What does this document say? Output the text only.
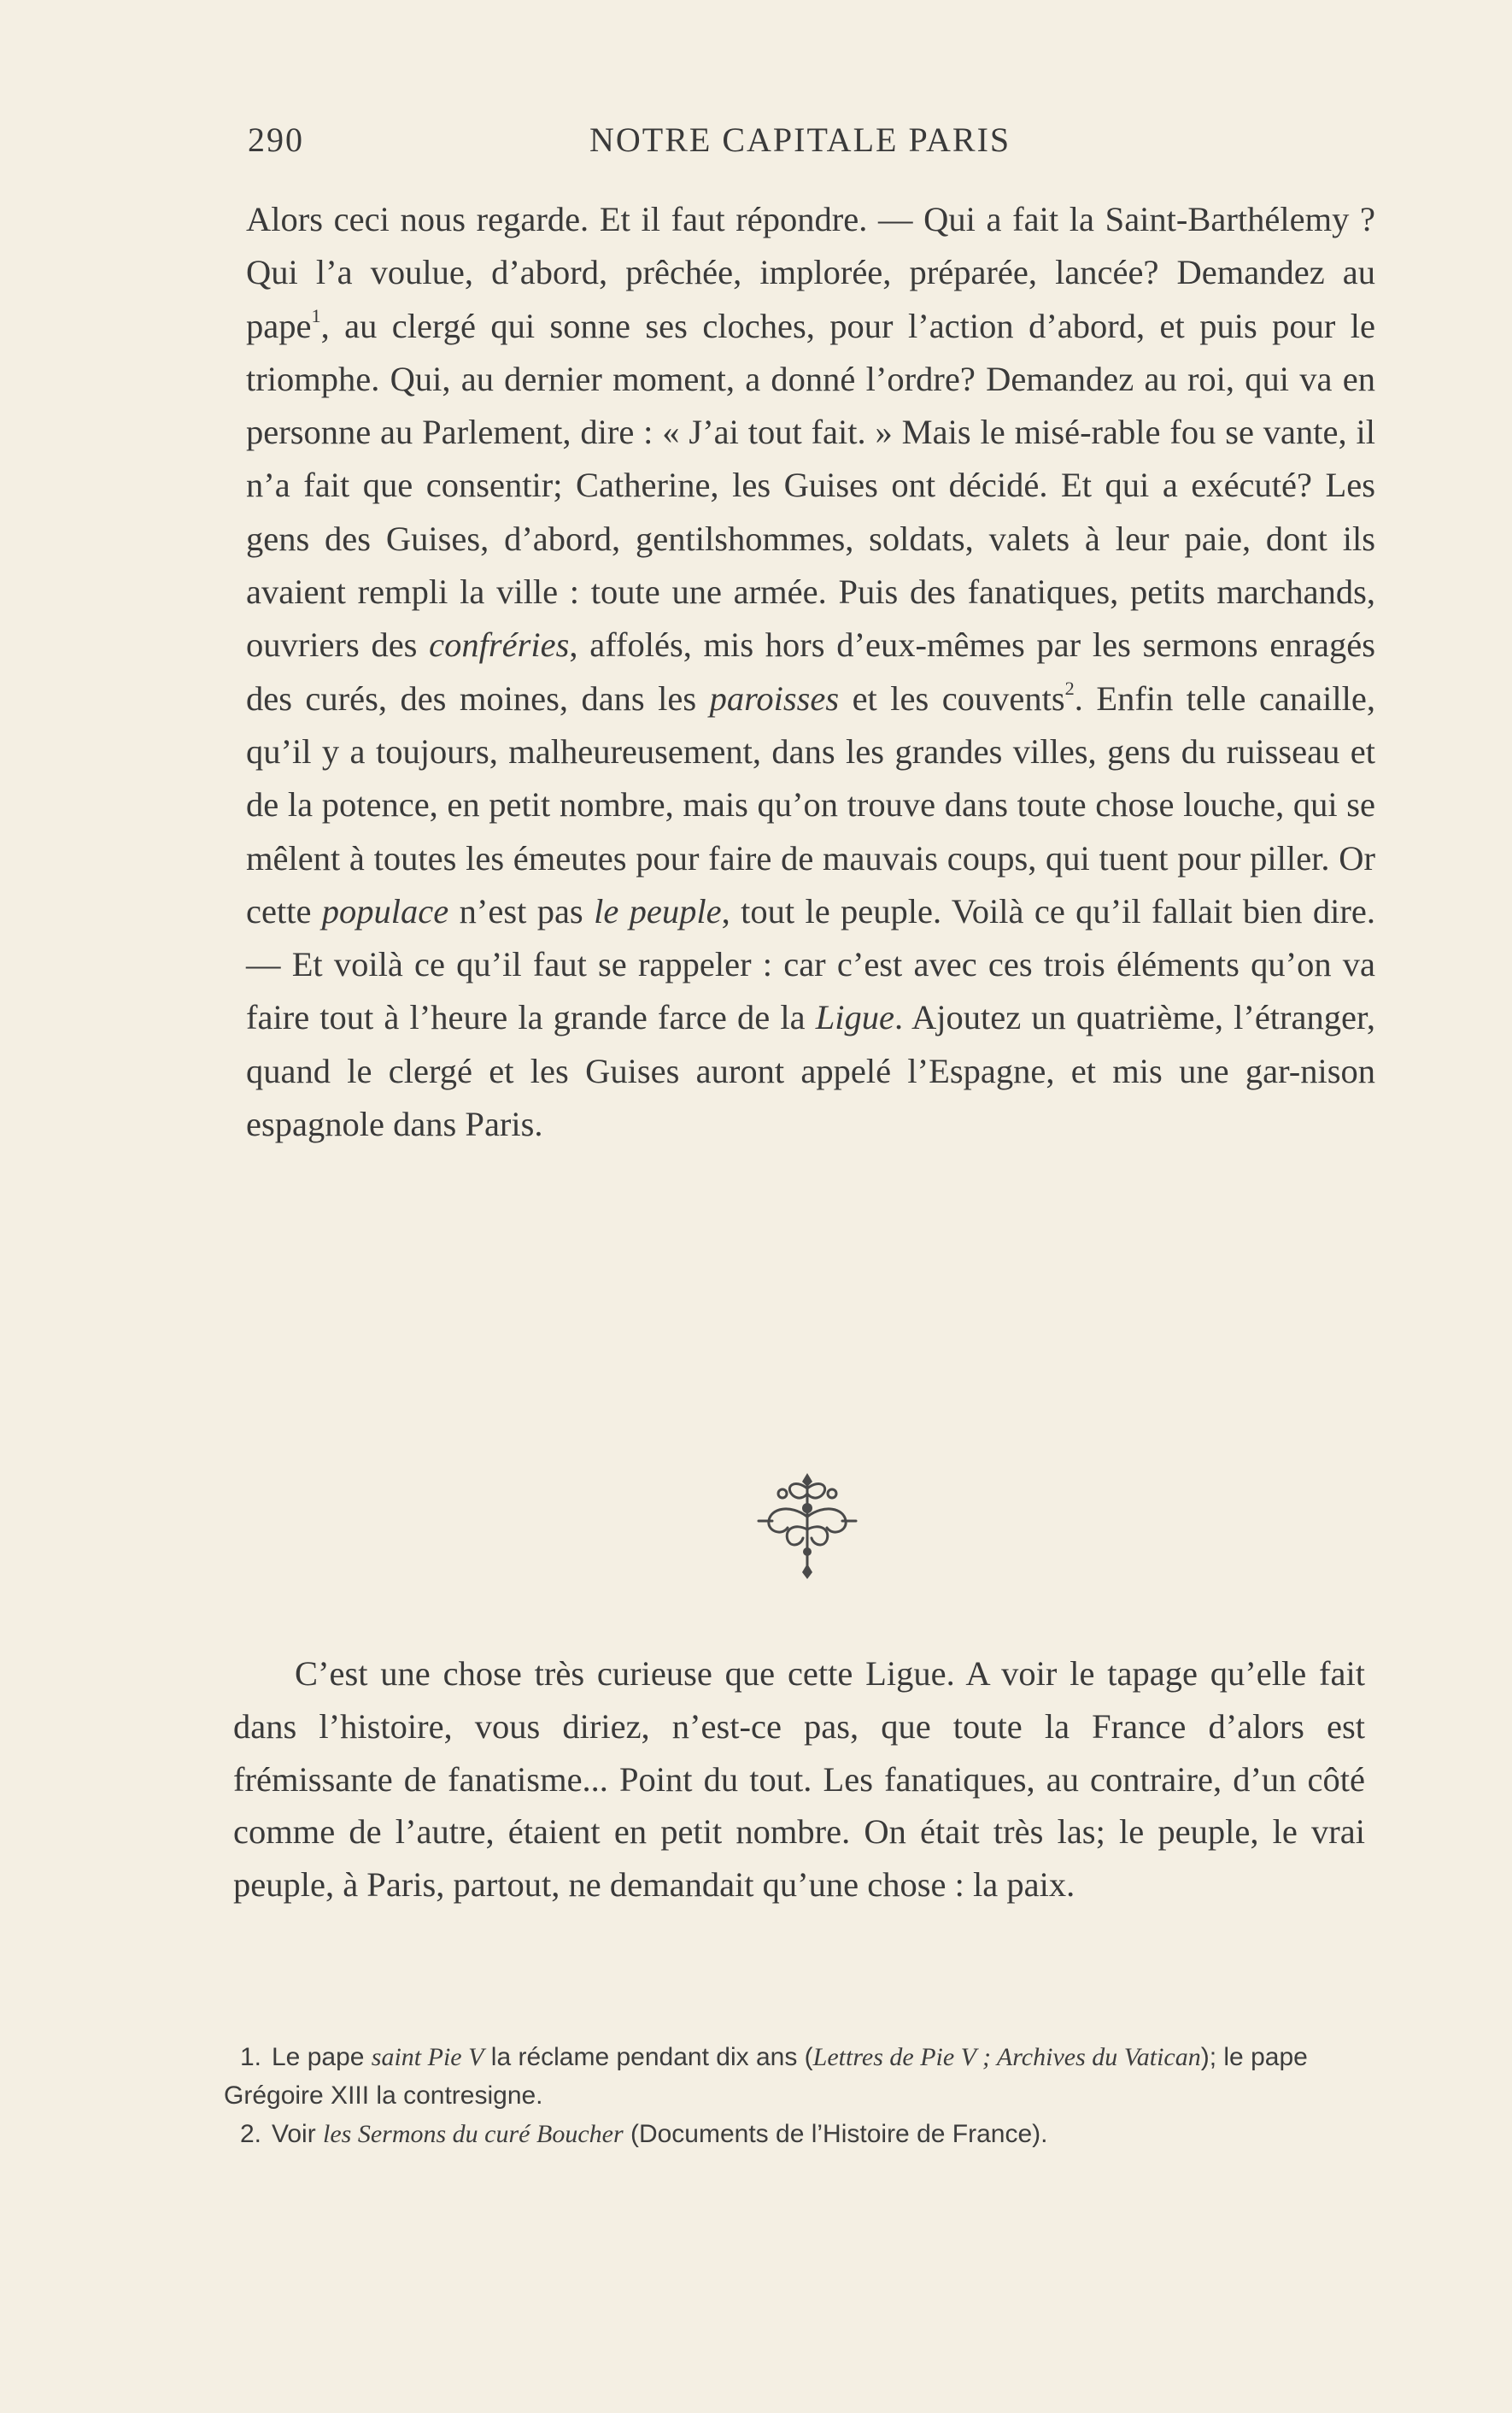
290	NOTRE CAPITALE PARIS

Alors ceci nous regarde. Et il faut répondre. — Qui a fait la Saint-Barthélemy ? Qui l’a voulue, d’abord, prêchée, implorée, préparée, lancée? Demandez au pape$^1$, au clergé qui sonne ses cloches, pour l’action d’abord, et puis pour le triomphe. Qui, au dernier moment, a donné l’ordre? Demandez au roi, qui va en personne au Parlement, dire : « J’ai tout fait. » Mais le misé-rable fou se vante, il n’a fait que consentir; Catherine, les Guises ont décidé. Et qui a exécuté? Les gens des Guises, d’abord, gentilshommes, soldats, valets à leur paie, dont ils avaient rempli la ville : toute une armée. Puis des fanatiques, petits marchands, ouvriers des confréries, affolés, mis hors d’eux-mêmes par les sermons enragés des curés, des moines, dans les paroisses et les couvents$^2$. Enfin telle canaille, qu’il y a toujours, malheureusement, dans les grandes villes, gens du ruisseau et de la potence, en petit nombre, mais qu’on trouve dans toute chose louche, qui se mêlent à toutes les émeutes pour faire de mauvais coups, qui tuent pour piller. Or cette populace n’est pas le peuple, tout le peuple. Voilà ce qu’il fallait bien dire. — Et voilà ce qu’il faut se rappeler : car c’est avec ces trois éléments qu’on va faire tout à l’heure la grande farce de la Ligue. Ajoutez un quatrième, l’étranger, quand le clergé et les Guises auront appelé l’Espagne, et mis une gar-nison espagnole dans Paris.

C’est une chose très curieuse que cette Ligue. A voir le tapage qu’elle fait dans l’histoire, vous diriez, n’est-ce pas, que toute la France d’alors est frémissante de fanatisme... Point du tout. Les fanatiques, au contraire, d’un côté comme de l’autre, étaient en petit nombre. On était très las; le peuple, le vrai peuple, à Paris, partout, ne demandait qu’une chose : la paix.

1. Le pape saint Pie V la réclame pendant dix ans (Lettres de Pie V ; Archives du Vatican); le pape Grégoire XIII la contresigne.

2. Voir les Sermons du curé Boucher (Documents de l’Histoire de France).
